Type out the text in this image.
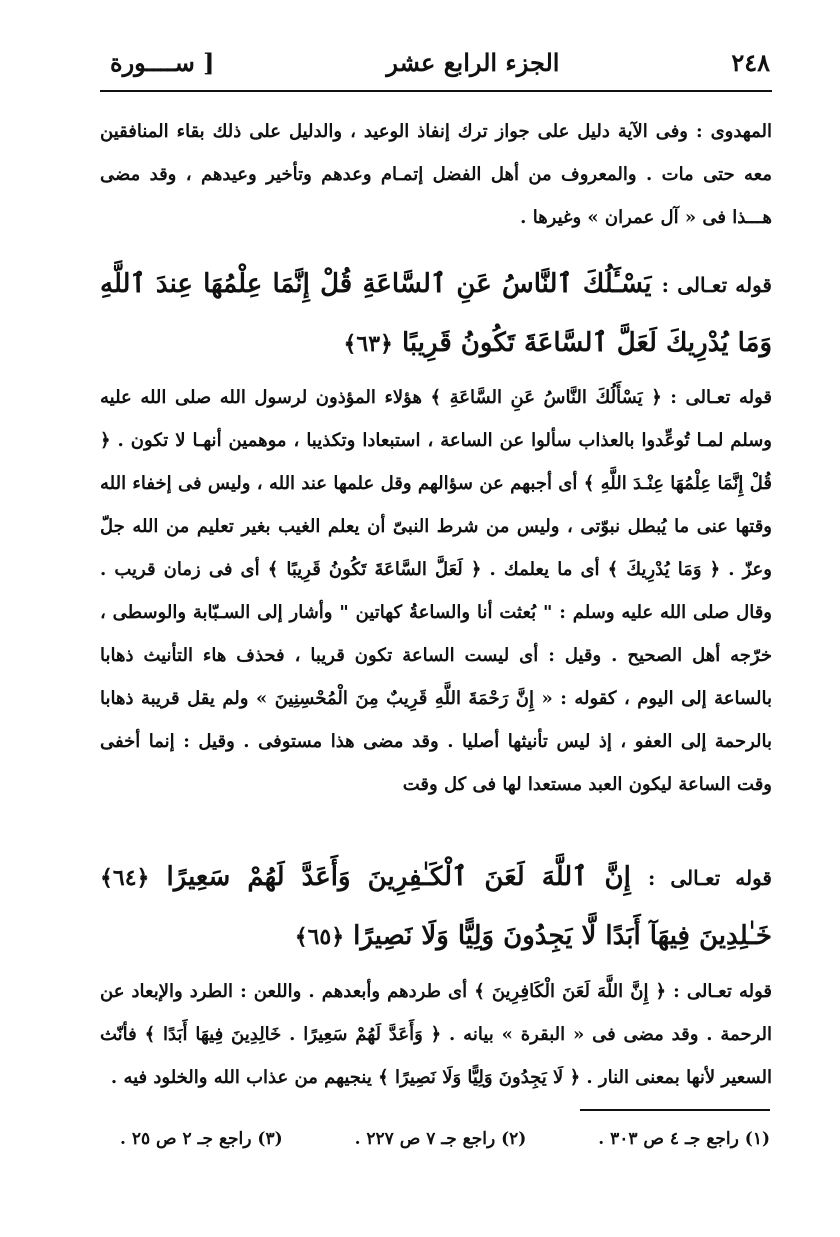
٢٤٨
الجزء الرابع عشر
[ ســــورة
المهدوى : وفى الآية دليل على جواز ترك إنفاذ الوعيد ، والدليل على ذلك بقاء المنافقين معه حتى مات . والمعروف من أهل الفضل إتمـام وعدهم وتأخير وعيدهم ، وقد مضى هـــذا فى « آل عمران » وغيرها .
قوله تعـالى : يَسْـَٔلُكَ ٱلنَّاسُ عَنِ ٱلسَّاعَةِ قُلْ إِنَّمَا عِلْمُهَا عِندَ ٱللَّهِ وَمَا يُدْرِيكَ لَعَلَّ ٱلسَّاعَةَ تَكُونُ قَرِيبًا ﴿٦٣﴾
قوله تعـالى : ﴿ يَسْأَلُكَ النَّاسُ عَنِ السَّاعَةِ ﴾ هؤلاء المؤذون لرسول الله صلى الله عليه وسلم لمـا تُوعِّدوا بالعذاب سألوا عن الساعة ، استبعادا وتكذيبا ، موهمين أنهـا لا تكون . ﴿ قُلْ إِنَّمَا عِلْمُهَا عِنْـدَ اللَّهِ ﴾ أى أجبهم عن سؤالهم وقل علمها عند الله ، وليس فى إخفاء الله وقتها عنى ما يُبطل نبوّتى ، وليس من شرط النبىّ أن يعلم الغيب بغير تعليم من الله جلّ وعزّ . ﴿ وَمَا يُدْرِيكَ ﴾ أى ما يعلمك . ﴿ لَعَلَّ السَّاعَةَ تَكُونُ قَرِيبًا ﴾ أى فى زمان قريب . وقال صلى الله عليه وسلم : " بُعثت أنا والساعةُ كهاتين " وأشار إلى السـبّابة والوسطى ، خرّجه أهل الصحيح . وقيل : أى ليست الساعة تكون قريبا ، فحذف هاء التأنيث ذهابا بالساعة إلى اليوم ، كقوله : « إِنَّ رَحْمَةَ اللَّهِ قَرِيبٌ مِنَ الْمُحْسِنِينَ » ولم يقل قريبة ذهابا بالرحمة إلى العفو ، إذ ليس تأنيثها أصليا . وقد مضى هذا مستوفى . وقيل : إنما أخفى وقت الساعة ليكون العبد مستعدا لها فى كل وقت
قوله تعـالى : إِنَّ ٱللَّهَ لَعَنَ ٱلْكَـٰفِرِينَ وَأَعَدَّ لَهُمْ سَعِيرًا ﴿٦٤﴾ خَـٰلِدِينَ فِيهَآ أَبَدًا لَّا يَجِدُونَ وَلِيًّا وَلَا نَصِيرًا ﴿٦٥﴾
قوله تعـالى : ﴿ إِنَّ اللَّهَ لَعَنَ الْكَافِرِينَ ﴾ أى طردهم وأبعدهم . واللعن : الطرد والإبعاد عن الرحمة . وقد مضى فى « البقرة » بيانه . ﴿ وَأَعَدَّ لَهُمْ سَعِيرًا . خَالِدِينَ فِيهَا أَبَدًا ﴾ فأنّث السعير لأنها بمعنى النار . ﴿ لَا يَجِدُونَ وَلِيًّا وَلَا نَصِيرًا ﴾ ينجيهم من عذاب الله والخلود فيه .
(١) راجع جـ ٤ ص ٣٠٣ .
(٢) راجع جـ ٧ ص ٢٢٧ .
(٣) راجع جـ ٢ ص ٢٥ .
